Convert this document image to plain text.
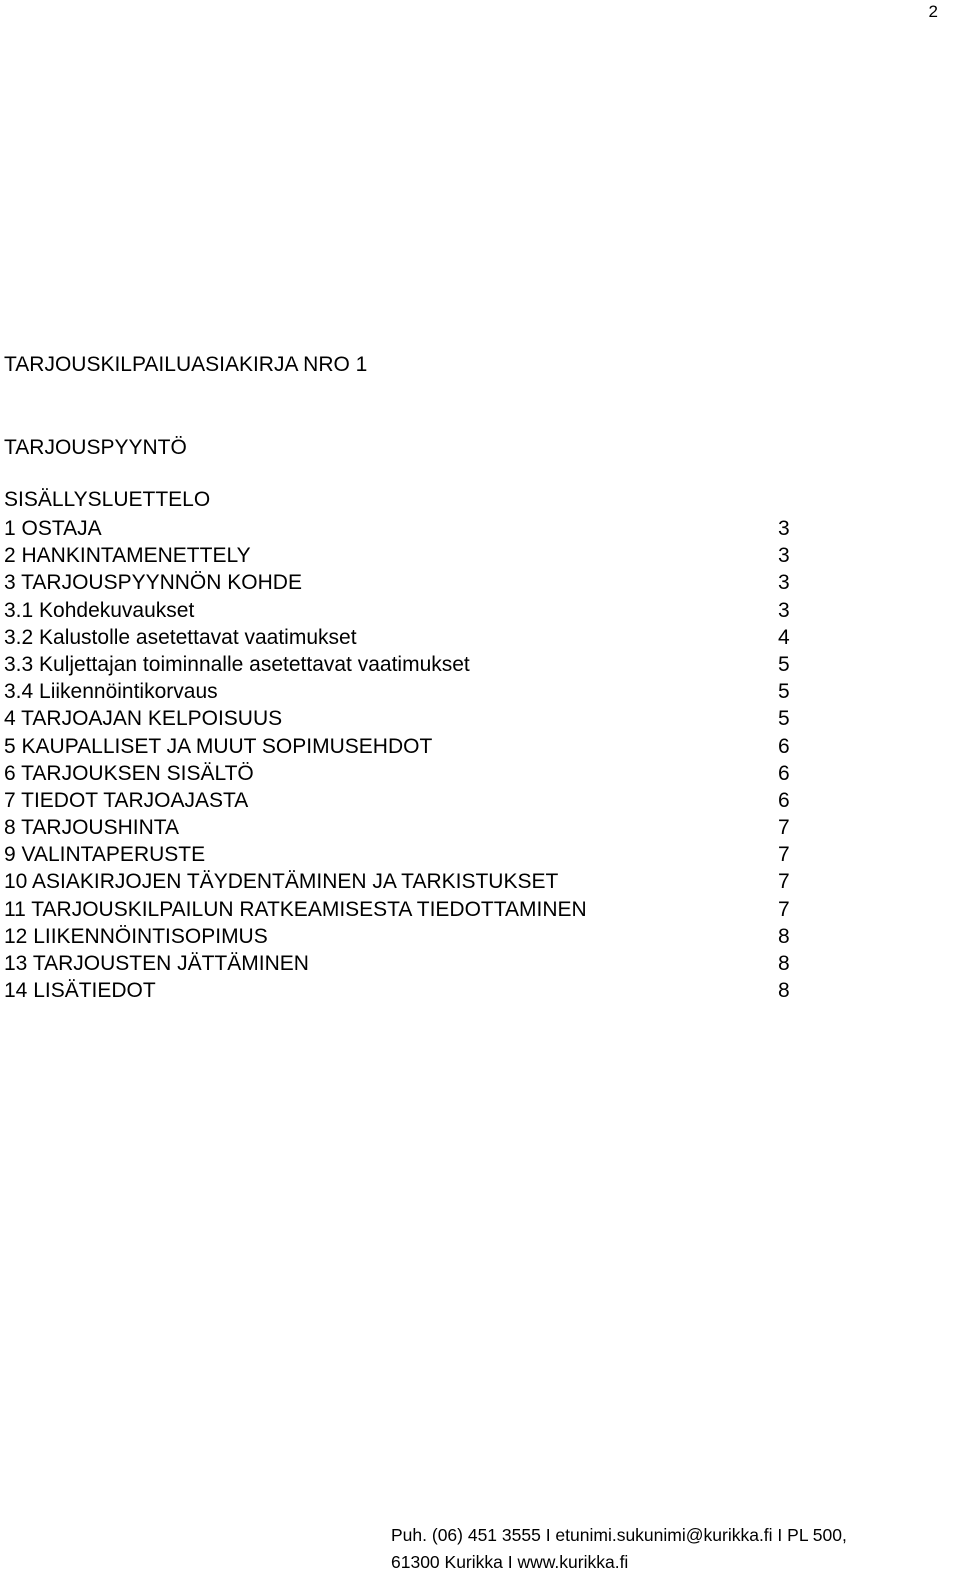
2
TARJOUSKILPAILUASIAKIRJA NRO 1
TARJOUSPYYNTÖ
SISÄLLYSLUETTELO
1 OSTAJA	3
2 HANKINTAMENETTELY	3
3 TARJOUSPYYNNÖN KOHDE	3
3.1 Kohdekuvaukset	3
3.2 Kalustolle asetettavat vaatimukset	4
3.3 Kuljettajan toiminnalle asetettavat vaatimukset	5
3.4 Liikennöintikorvaus	5
4 TARJOAJAN KELPOISUUS	5
5 KAUPALLISET JA MUUT SOPIMUSEHDOT	6
6 TARJOUKSEN SISÄLTÖ	6
7 TIEDOT TARJOAJASTA	6
8 TARJOUSHINTA	7
9 VALINTAPERUSTE	7
10 ASIAKIRJOJEN TÄYDENTÄMINEN JA TARKISTUKSET	7
11 TARJOUSKILPAILUN RATKEAMISESTA TIEDOTTAMINEN	7
12 LIIKENNÖINTISOPIMUS	8
13 TARJOUSTEN JÄTTÄMINEN	8
14 LISÄTIEDOT	8
Puh. (06) 451 3555 I etunimi.sukunimi@kurikka.fi I PL 500,
61300 Kurikka I www.kurikka.fi
